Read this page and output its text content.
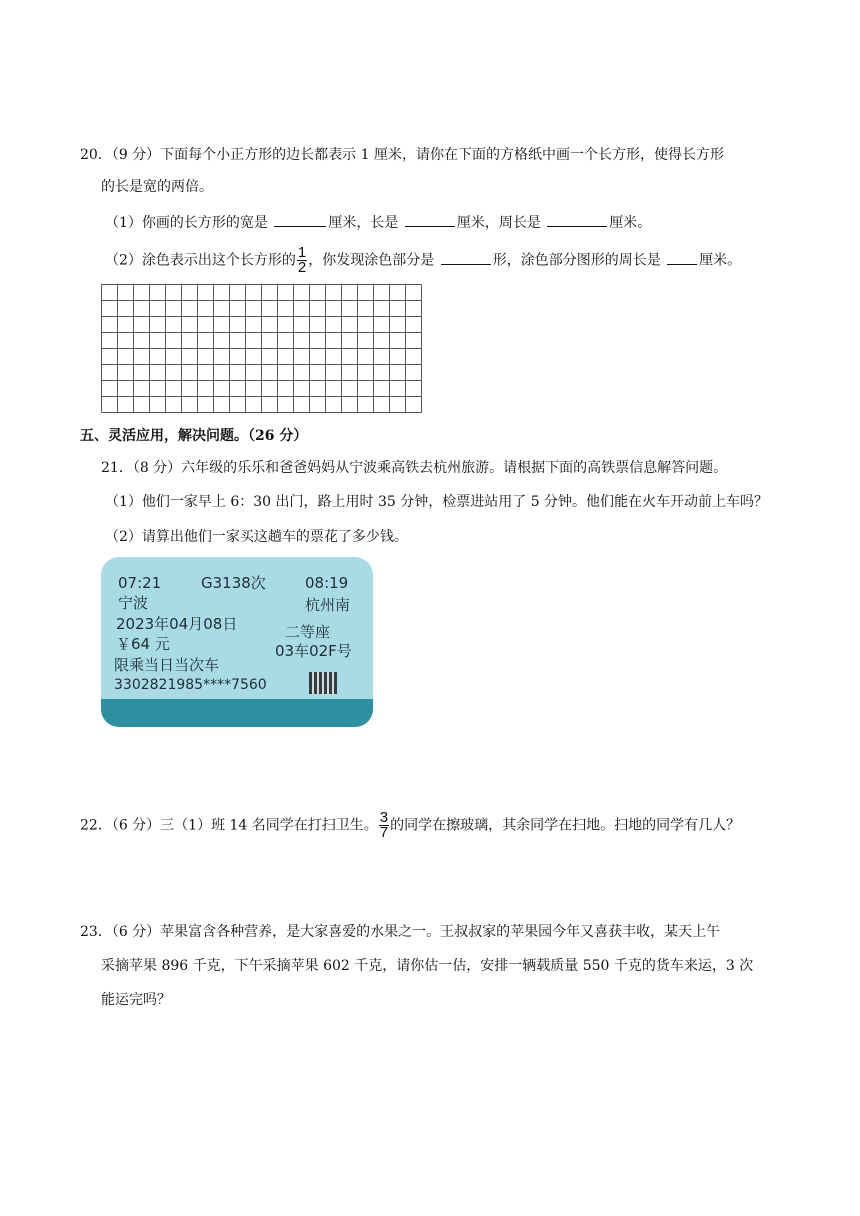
20．（9 分）下面每个小正方形的边长都表示 1 厘米，请你在下面的方格纸中画一个长方形，使得长方形
的长是宽的两倍。
（1）你画的长方形的宽是	厘米，长是	厘米，周长是	厘米。
（2）涂色表示出这个长方形的 $\frac{1}{2}$ ，你发现涂色部分是	形，涂色部分图形的周长是	厘米。
五、灵活应用，解决问题。（26 分）
21．（8 分）六年级的乐乐和爸爸妈妈从宁波乘高铁去杭州旅游。请根据下面的高铁票信息解答问题。
（1）他们一家早上 6：30 出门，路上用时 35 分钟，检票进站用了 5 分钟。他们能在火车开动前上车吗？
（2）请算出他们一家买这趟车的票花了多少钱。
07:21	G3138次	08:19
宁波	杭州南
2023年04月08日	二等座
￥64 元	03车02F号
限乘当日当次车
3302821985****7560
22．（6 分）三（1）班 14 名同学在打扫卫生。 $\frac{3}{7}$ 的同学在擦玻璃，其余同学在扫地。扫地的同学有几人？
23．（6 分）苹果富含各种营养，是大家喜爱的水果之一。王叔叔家的苹果园今年又喜获丰收，某天上午
采摘苹果 896 千克，下午采摘苹果 602 千克，请你估一估，安排一辆载质量 550 千克的货车来运，3 次
能运完吗？
